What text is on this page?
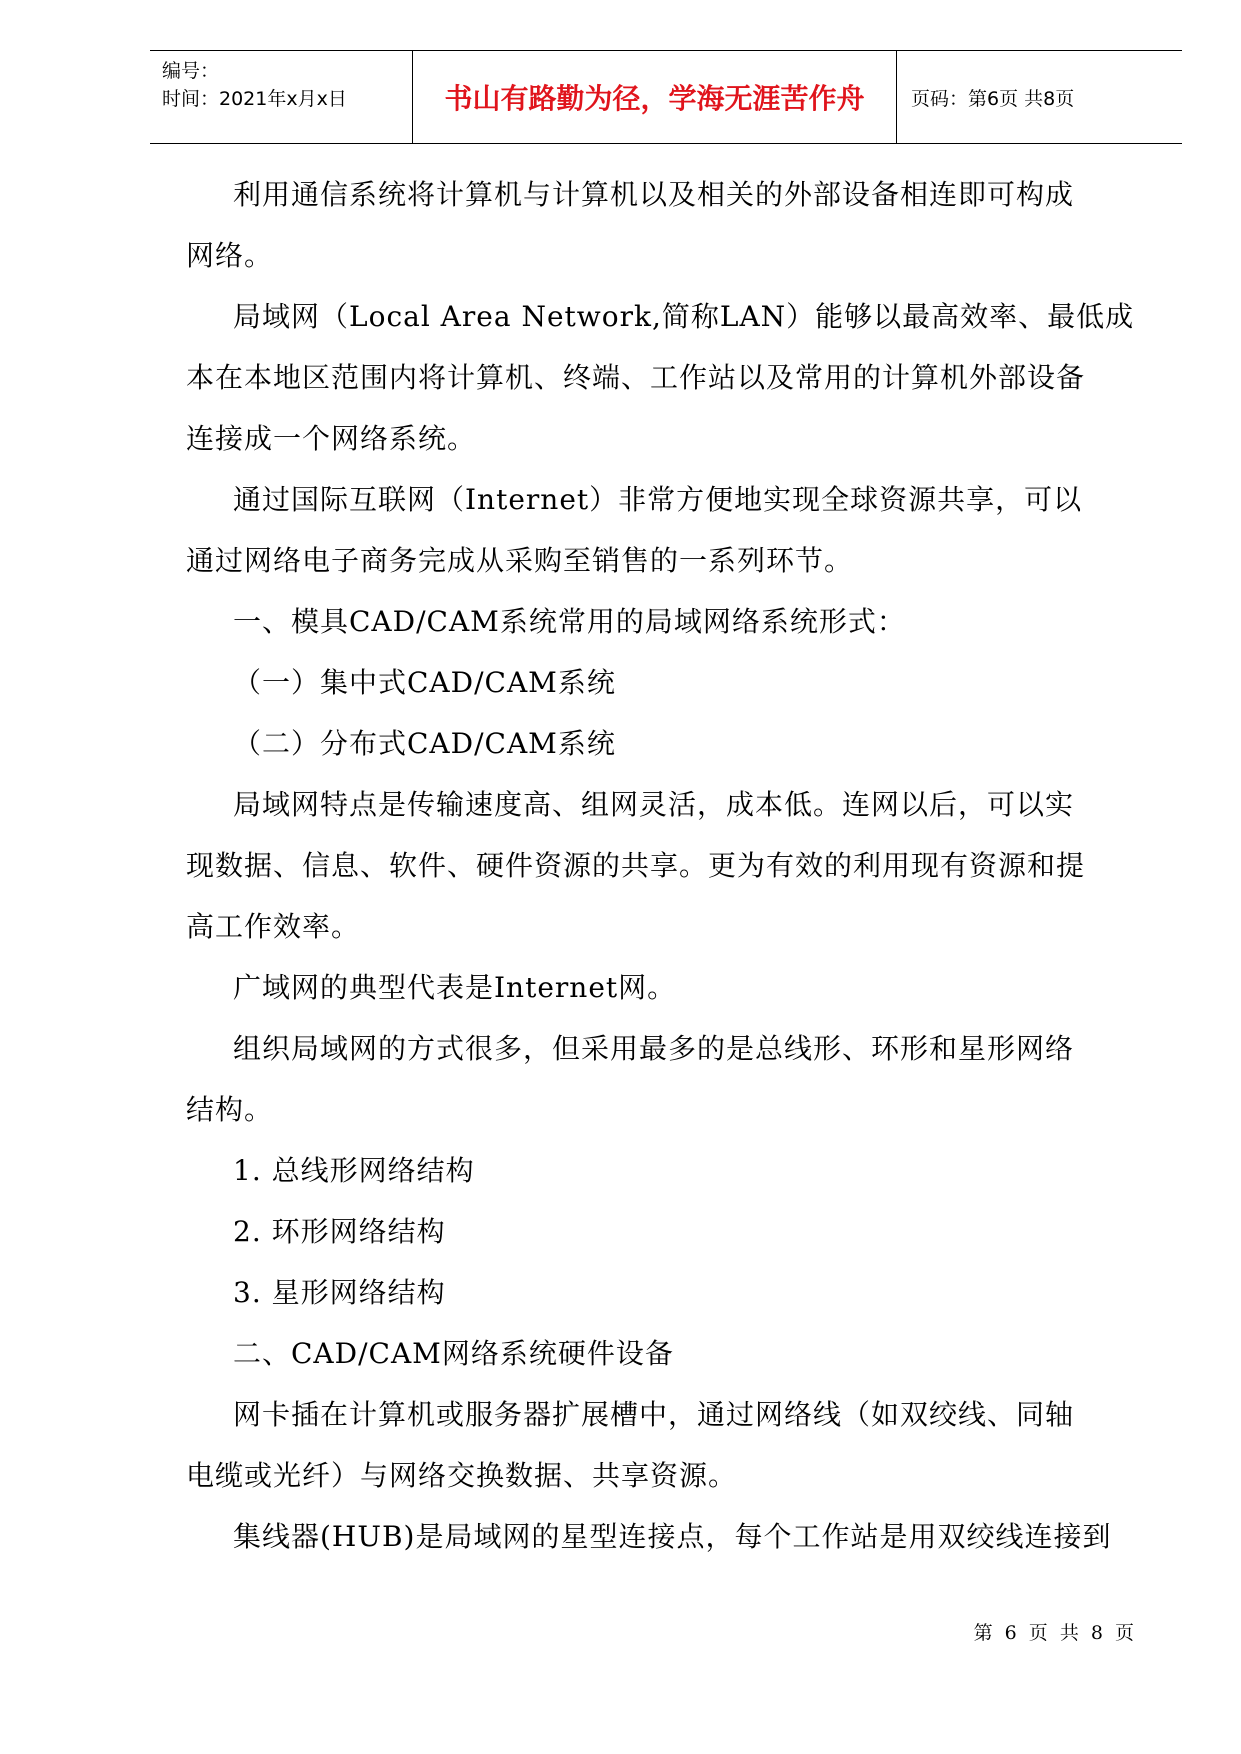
编号：
时间：2021年x月x日	书山有路勤为径，学海无涯苦作舟	页码：第6页 共8页
利用通信系统将计算机与计算机以及相关的外部设备相连即可构成
网络。
局域网（Local Area Network,简称LAN）能够以最高效率、最低成
本在本地区范围内将计算机、终端、工作站以及常用的计算机外部设备
连接成一个网络系统。
通过国际互联网（Internet）非常方便地实现全球资源共享，可以
通过网络电子商务完成从采购至销售的一系列环节。
一、模具CAD/CAM系统常用的局域网络系统形式：
（一）集中式CAD/CAM系统
（二）分布式CAD/CAM系统
局域网特点是传输速度高、组网灵活，成本低。连网以后，可以实
现数据、信息、软件、硬件资源的共享。更为有效的利用现有资源和提
高工作效率。
广域网的典型代表是Internet网。
组织局域网的方式很多，但采用最多的是总线形、环形和星形网络
结构。
1. 总线形网络结构
2. 环形网络结构
3. 星形网络结构
二、CAD/CAM网络系统硬件设备
网卡插在计算机或服务器扩展槽中，通过网络线（如双绞线、同轴
电缆或光纤）与网络交换数据、共享资源。
集线器(HUB)是局域网的星型连接点，每个工作站是用双绞线连接到
第 6 页 共 8 页
